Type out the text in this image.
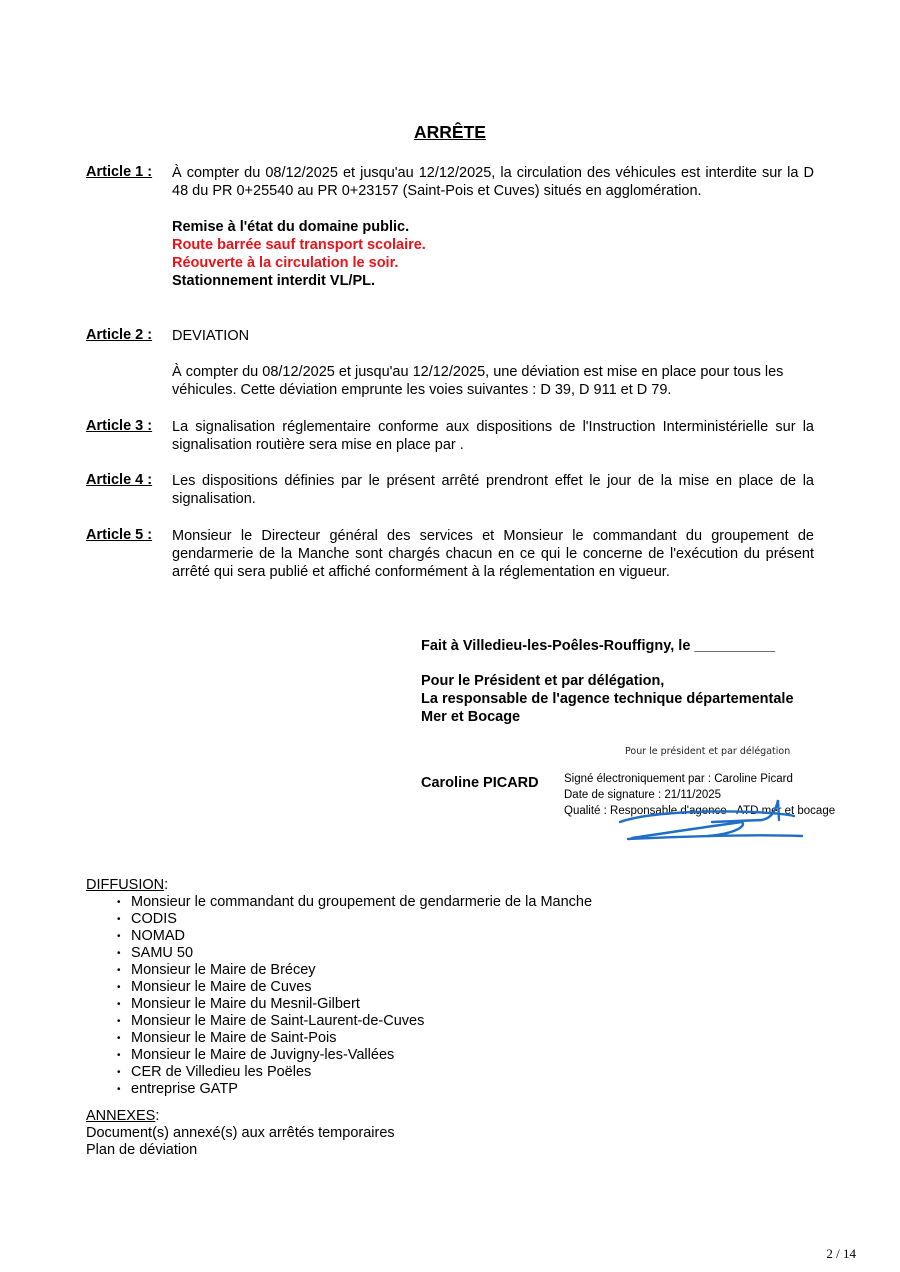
ARRÊTE
Article 1 :	À compter du 08/12/2025 et jusqu'au 12/12/2025, la circulation des véhicules est interdite sur la D 48 du PR 0+25540 au PR 0+23157 (Saint-Pois et Cuves) situés en agglomération.

Remise à l'état du domaine public.

Route barrée sauf transport scolaire.

Réouverte à la circulation le soir.

Stationnement interdit VL/PL.

Article 2 :	DEVIATION

À compter du 08/12/2025 et jusqu'au 12/12/2025, une déviation est mise en place pour tous les véhicules. Cette déviation emprunte les voies suivantes : D 39, D 911 et D 79.

Article 3 :	La signalisation réglementaire conforme aux dispositions de l'Instruction Interministérielle sur la signalisation routière sera mise en place par .

Article 4 :	Les dispositions définies par le présent arrêté prendront effet le jour de la mise en place de la signalisation.

Article 5 :	Monsieur le Directeur général des services et Monsieur le commandant du groupement de gendarmerie de la Manche sont chargés chacun en ce qui le concerne de l'exécution du présent arrêté qui sera publié et affiché conformément à la réglementation en vigueur.

Fait à Villedieu-les-Poêles-Rouffigny, le __________
Pour le Président et par délégation,
La responsable de l'agence technique départementale
Mer et Bocage
Pour le président et par délégation
Caroline PICARD	Signé électroniquement par : Caroline Picard
Date de signature : 21/11/2025
Qualité : Responsable d'agence - ATD mer et bocage
DIFFUSION:
• Monsieur le commandant du groupement de gendarmerie de la Manche
• CODIS
• NOMAD
• SAMU 50
• Monsieur le Maire de Brécey
• Monsieur le Maire de Cuves
• Monsieur le Maire du Mesnil-Gilbert
• Monsieur le Maire de Saint-Laurent-de-Cuves
• Monsieur le Maire de Saint-Pois
• Monsieur le Maire de Juvigny-les-Vallées
• CER de Villedieu les Poëles
• entreprise GATP
ANNEXES:
Document(s) annexé(s) aux arrêtés temporaires
Plan de déviation
2 / 14
